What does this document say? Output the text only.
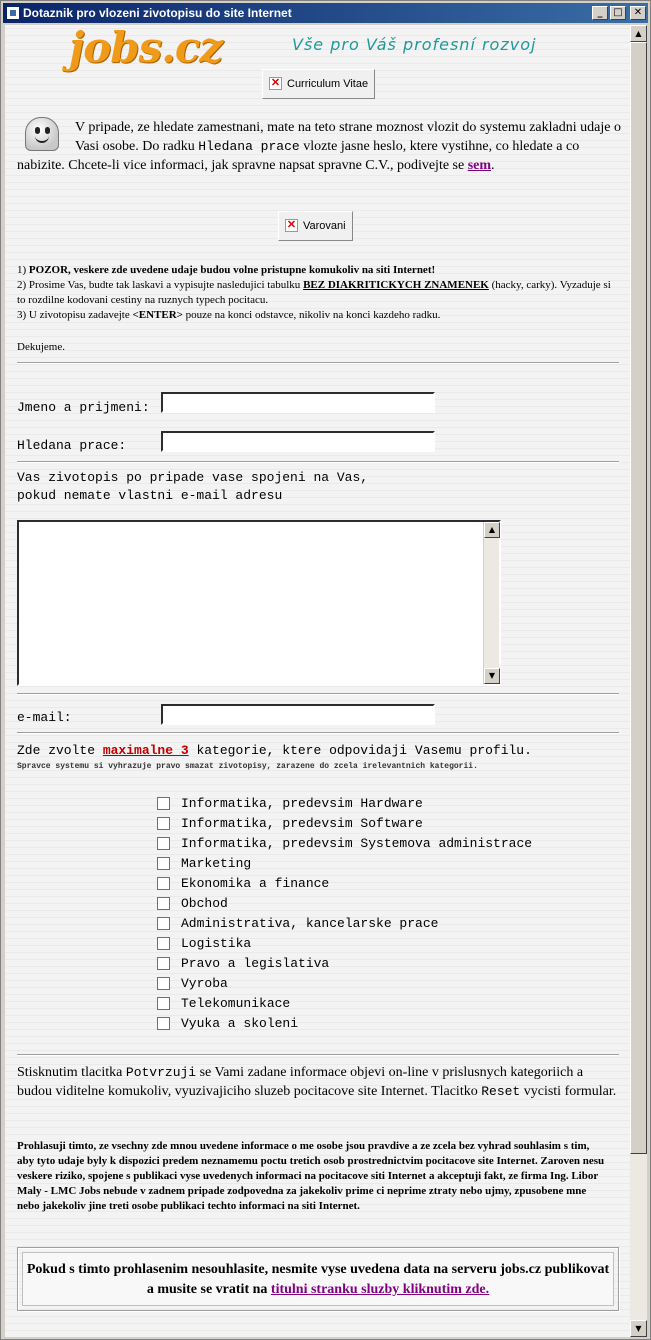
Dotaznik pro vlozeni zivotopisu do site Internet	_	□	✕
jobs.cz	Vše pro Váš profesní rozvoj
✕ Curriculum Vitae
V pripade, ze hledate zamestnani, mate na teto strane moznost vlozit do systemu zakladni udaje o Vasi osobe. Do radku Hledana prace vlozte jasne heslo, ktere vystihne, co hledate a co nabizite. Chcete-li vice informaci, jak spravne napsat spravne C.V., podivejte se sem.
✕ Varovani
1) POZOR, veskere zde uvedene udaje budou volne pristupne komukoliv na siti Internet!
2) Prosime Vas, budte tak laskavi a vypisujte nasledujici tabulku BEZ DIAKRITICKYCH ZNAMENEK (hacky, carky). Vyzaduje si to rozdilne kodovani cestiny na ruznych typech pocitacu.
3) U zivotopisu zadavejte <ENTER> pouze na konci odstavce, nikoliv na konci kazdeho radku.
Dekujeme.
Jmeno a prijmeni:
Hledana prace:
Vas zivotopis po pripade vase spojeni na Vas,
pokud nemate vlastni e-mail adresu
▲
▼
e-mail:
Zde zvolte maximalne 3 kategorie, ktere odpovidaji Vasemu profilu.
Spravce systemu si vyhrazuje pravo smazat zivotopisy, zarazene do zcela irelevantnich kategorii.
Informatika, predevsim Hardware
Informatika, predevsim Software
Informatika, predevsim Systemova administrace
Marketing
Ekonomika a finance
Obchod
Administrativa, kancelarske prace
Logistika
Pravo a legislativa
Vyroba
Telekomunikace
Vyuka a skoleni
Stisknutim tlacitka Potvrzuji se Vami zadane informace objevi on-line v prislusnych kategoriich a budou viditelne komukoliv, vyuzivajiciho sluzeb pocitacove site Internet. Tlacitko Reset vycisti formular.
Prohlasuji timto, ze vsechny zde mnou uvedene informace o me osobe jsou pravdive a ze zcela bez vyhrad souhlasim s tim, aby tyto udaje byly k dispozici predem neznamemu poctu tretich osob prostrednictvim pocitacove site Internet. Zaroven nesu veskere riziko, spojene s publikaci vyse uvedenych informaci na pocitacove siti Internet a akceptuji fakt, ze firma Ing. Libor Maly - LMC Jobs nebude v zadnem pripade zodpovedna za jakekoliv prime ci neprime ztraty nebo ujmy, zpusobene mne nebo jakekoliv jine treti osobe publikaci techto informaci na siti Internet.
Pokud s timto prohlasenim nesouhlasite, nesmite vyse uvedena data na serveru jobs.cz publikovat a musite se vratit na titulni stranku sluzby kliknutim zde.
▲
▼
